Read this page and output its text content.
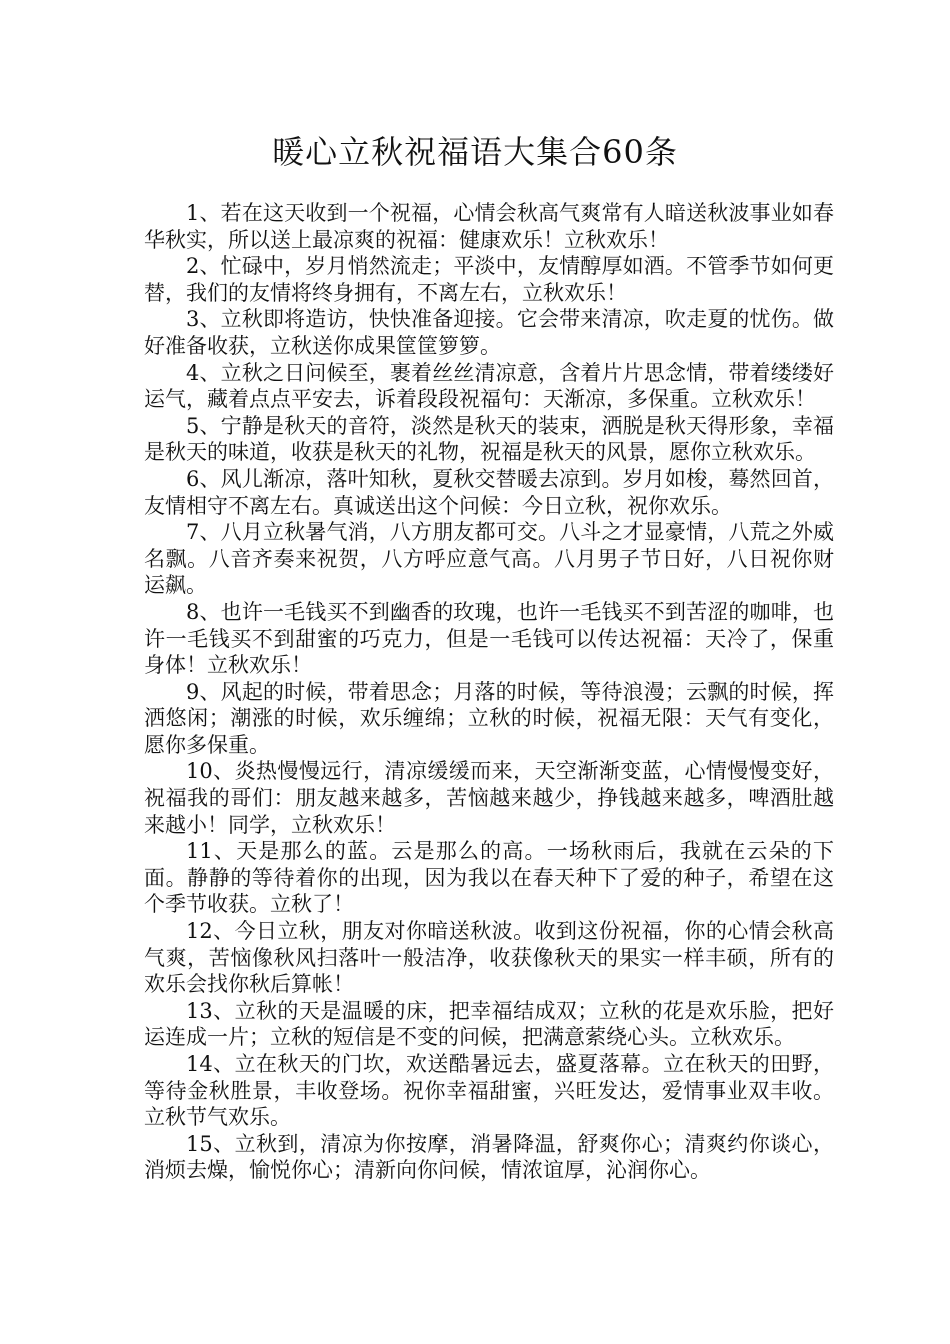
暖心立秋祝福语大集合60条

1、若在这天收到一个祝福，心情会秋高气爽常有人暗送秋波事业如春华秋实，所以送上最凉爽的祝福：健康欢乐！立秋欢乐！

2、忙碌中，岁月悄然流走；平淡中，友情醇厚如酒。不管季节如何更替，我们的友情将终身拥有，不离左右，立秋欢乐！

3、立秋即将造访，快快准备迎接。它会带来清凉，吹走夏的忧伤。做好准备收获，立秋送你成果筐筐箩箩。

4、立秋之日问候至，裹着丝丝清凉意，含着片片思念情，带着缕缕好运气，藏着点点平安去，诉着段段祝福句：天渐凉，多保重。立秋欢乐！

5、宁静是秋天的音符，淡然是秋天的装束，洒脱是秋天得形象，幸福是秋天的味道，收获是秋天的礼物，祝福是秋天的风景，愿你立秋欢乐。

6、风儿渐凉，落叶知秋，夏秋交替暖去凉到。岁月如梭，蓦然回首，友情相守不离左右。真诚送出这个问候：今日立秋，祝你欢乐。

7、八月立秋暑气消，八方朋友都可交。八斗之才显豪情，八荒之外威名飘。八音齐奏来祝贺，八方呼应意气高。八月男子节日好，八日祝你财运飙。

8、也许一毛钱买不到幽香的玫瑰，也许一毛钱买不到苦涩的咖啡，也许一毛钱买不到甜蜜的巧克力，但是一毛钱可以传达祝福：天冷了，保重身体！立秋欢乐！

9、风起的时候，带着思念；月落的时候，等待浪漫；云飘的时候，挥洒悠闲；潮涨的时候，欢乐缠绵；立秋的时候，祝福无限：天气有变化，愿你多保重。

10、炎热慢慢远行，清凉缓缓而来，天空渐渐变蓝，心情慢慢变好，祝福我的哥们：朋友越来越多，苦恼越来越少，挣钱越来越多，啤酒肚越来越小！同学，立秋欢乐！

11、天是那么的蓝。云是那么的高。一场秋雨后，我就在云朵的下面。静静的等待着你的出现，因为我以在春天种下了爱的种子，希望在这个季节收获。立秋了！

12、今日立秋，朋友对你暗送秋波。收到这份祝福，你的心情会秋高气爽，苦恼像秋风扫落叶一般洁净，收获像秋天的果实一样丰硕，所有的欢乐会找你秋后算帐！

13、立秋的天是温暖的床，把幸福结成双；立秋的花是欢乐脸，把好运连成一片；立秋的短信是不变的问候，把满意萦绕心头。立秋欢乐。

14、立在秋天的门坎，欢送酷暑远去，盛夏落幕。立在秋天的田野，等待金秋胜景，丰收登场。祝你幸福甜蜜，兴旺发达，爱情事业双丰收。立秋节气欢乐。

15、立秋到，清凉为你按摩，消暑降温，舒爽你心；清爽约你谈心，消烦去燥，愉悦你心；清新向你问候，情浓谊厚，沁润你心。
